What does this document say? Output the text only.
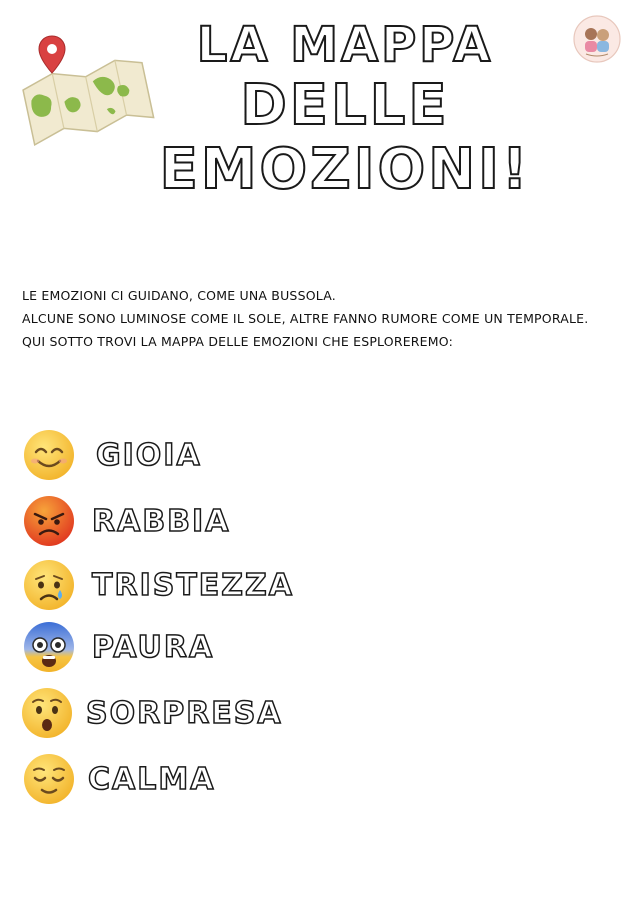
LA MAPPA
DELLE
EMOZIONI!
LE EMOZIONI CI GUIDANO, COME UNA BUSSOLA.
ALCUNE SONO LUMINOSE COME IL SOLE, ALTRE FANNO RUMORE COME UN TEMPORALE.
QUI SOTTO TROVI LA MAPPA DELLE EMOZIONI CHE ESPLOREREMO:
GIOIA
RABBIA
TRISTEZZA
PAURA
SORPRESA
CALMA
